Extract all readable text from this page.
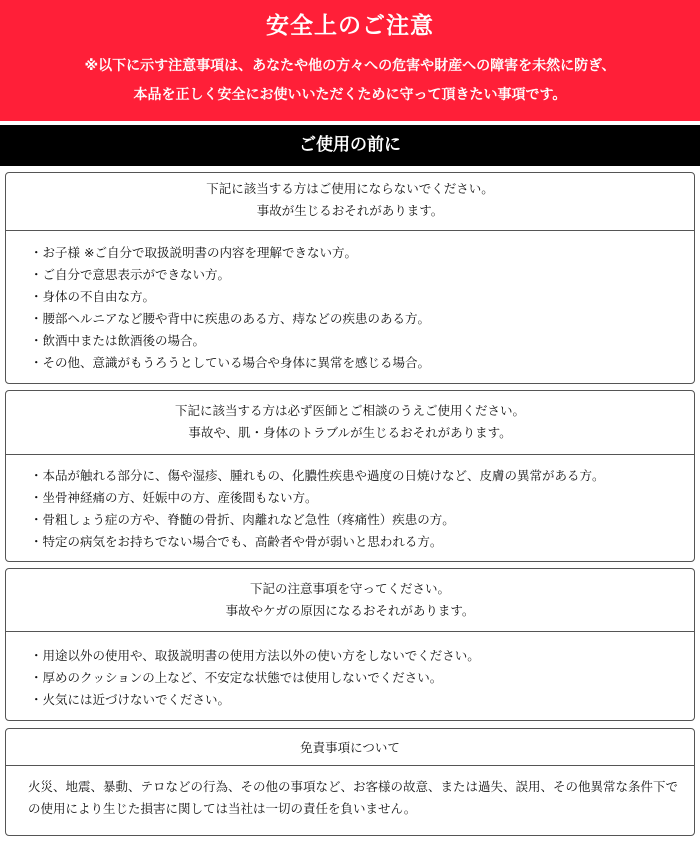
安全上のご注意
※以下に示す注意事項は、あなたや他の方々への危害や財産への障害を未然に防ぎ、
本品を正しく安全にお使いいただくために守って頂きたい事項です。
ご使用の前に
下記に該当する方はご使用にならないでください。
事故が生じるおそれがあります。
・お子様 ※ご自分で取扱説明書の内容を理解できない方。
・ご自分で意思表示ができない方。
・身体の不自由な方。
・腰部ヘルニアなど腰や背中に疾患のある方、痔などの疾患のある方。
・飲酒中または飲酒後の場合。
・その他、意識がもうろうとしている場合や身体に異常を感じる場合。
下記に該当する方は必ず医師とご相談のうえご使用ください。
事故や、肌・身体のトラブルが生じるおそれがあります。
・本品が触れる部分に、傷や湿疹、腫れもの、化膿性疾患や過度の日焼けなど、皮膚の異常がある方。
・坐骨神経痛の方、妊娠中の方、産後間もない方。
・骨粗しょう症の方や、脊髄の骨折、肉離れなど急性（疼痛性）疾患の方。
・特定の病気をお持ちでない場合でも、高齢者や骨が弱いと思われる方。
下記の注意事項を守ってください。
事故やケガの原因になるおそれがあります。
・用途以外の使用や、取扱説明書の使用方法以外の使い方をしないでください。
・厚めのクッションの上など、不安定な状態では使用しないでください。
・火気には近づけないでください。
免責事項について
火災、地震、暴動、テロなどの行為、その他の事項など、お客様の故意、または過失、誤用、その他異常な条件下での使用により生じた損害に関しては当社は一切の責任を負いません。
